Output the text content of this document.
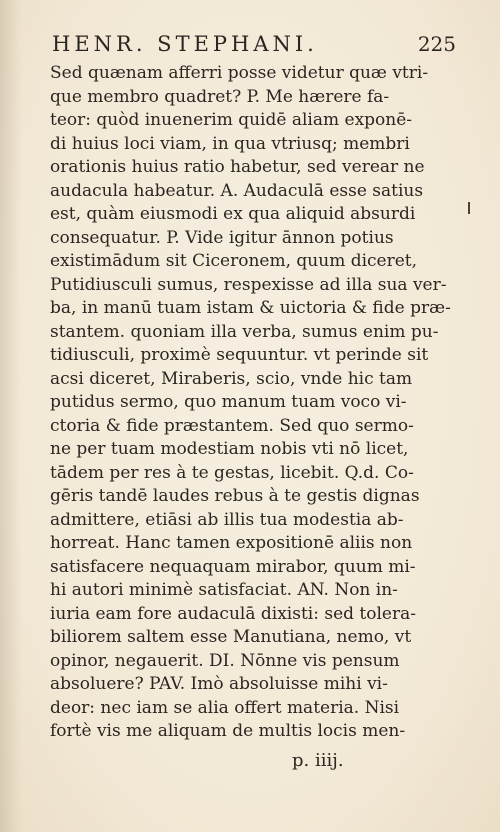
HENR. STEPHANI.	225
Sed quænam afferri posse videtur quæ vtri-
que membro quadret? P. Me hærere fa-
teor: quòd inuenerim quidē aliam exponē-
di huius loci viam, in qua vtriusq; membri
orationis huius ratio habetur, sed verear ne
audacula habeatur. A. Audaculā esse satius
est, quàm eiusmodi ex qua aliquid absurdi
consequatur. P. Vide igitur ānnon potius
existimādum sit Ciceronem, quum diceret,
Putidiusculi sumus, respexisse ad illa sua ver-
ba, in manū tuam istam & uictoria & fide præ-
stantem. quoniam illa verba, sumus enim pu-
tidiusculi, proximè sequuntur. vt perinde sit
acsi diceret, Miraberis, scio, vnde hic tam
putidus sermo, quo manum tuam voco vi-
ctoria & fide præstantem. Sed quo sermo-
ne per tuam modestiam nobis vti nō licet,
tādem per res à te gestas, licebit. Q.d. Co-
gēris tandē laudes rebus à te gestis dignas
admittere, etiāsi ab illis tua modestia ab-
horreat. Hanc tamen expositionē aliis non
satisfacere nequaquam mirabor, quum mi-
hi autori minimè satisfaciat. AN. Non in-
iuria eam fore audaculā dixisti: sed tolera-
biliorem saltem esse Manutiana, nemo, vt
opinor, negauerit. DI. Nōnne vis pensum
absoluere? PAV. Imò absoluisse mihi vi-
deor: nec iam se alia offert materia. Nisi
fortè vis me aliquam de multis locis men-
p. iiij.
